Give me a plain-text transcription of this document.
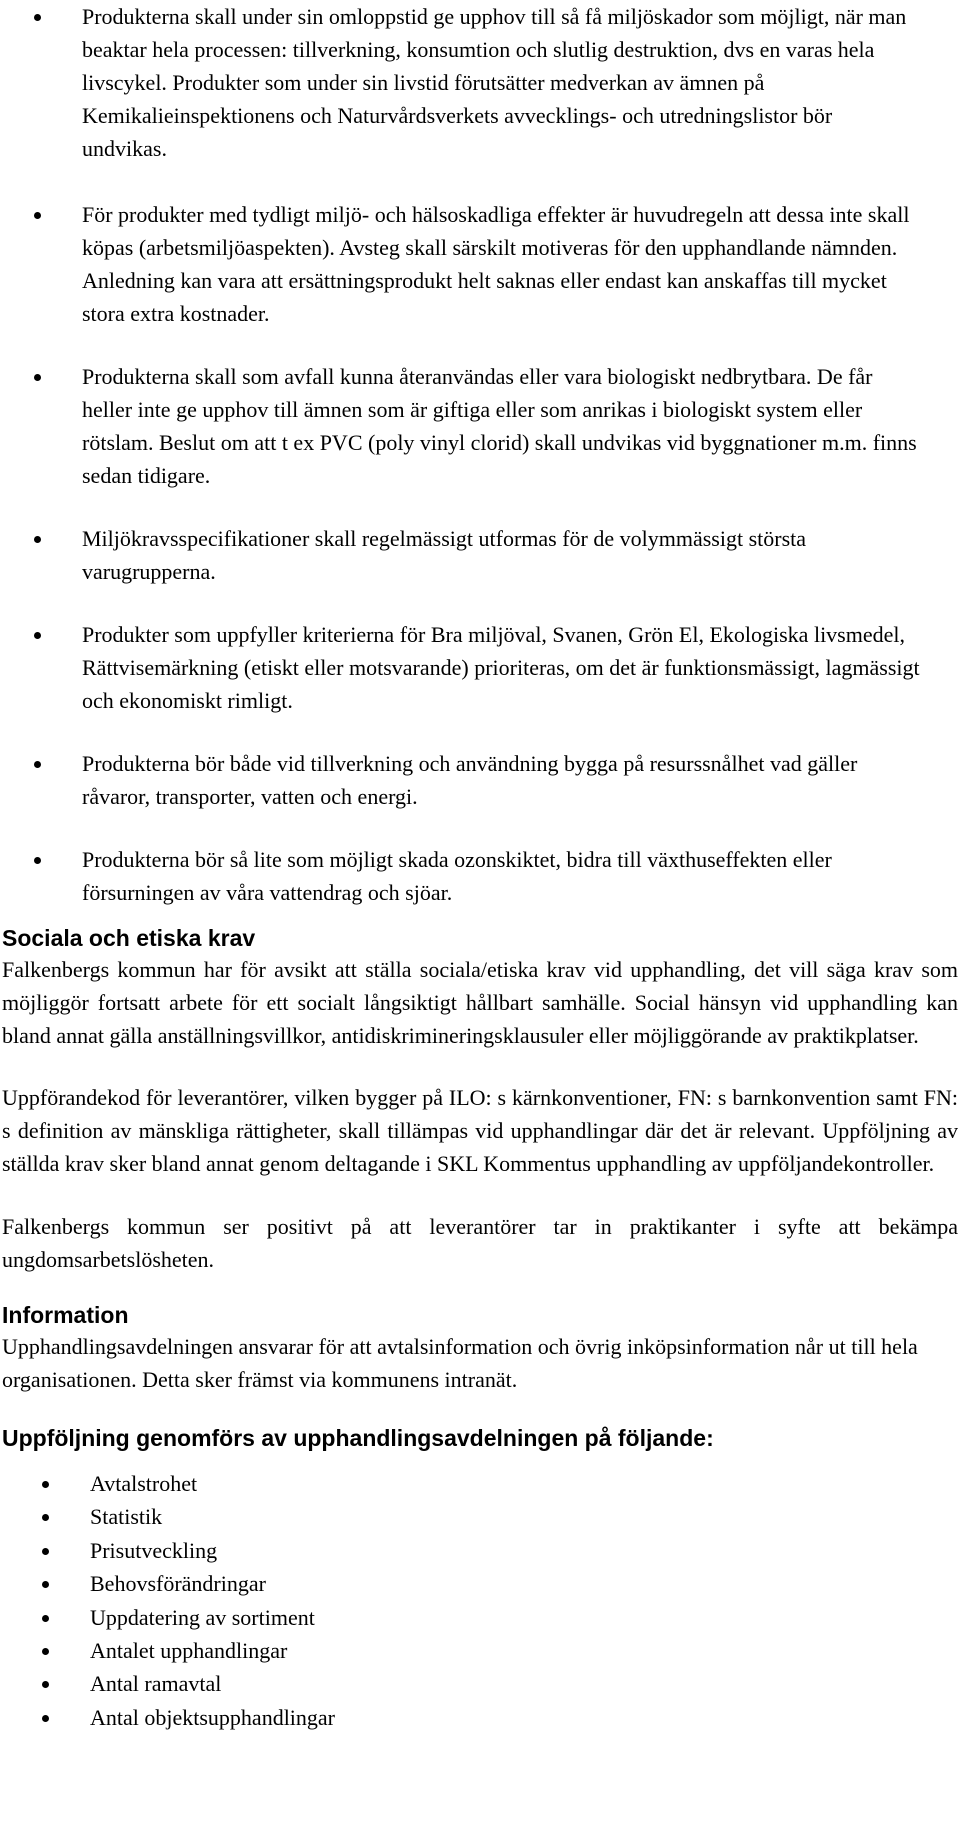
Produkterna skall under sin omloppstid ge upphov till så få miljöskador som möjligt, när man beaktar hela processen: tillverkning, konsumtion och slutlig destruktion, dvs en varas hela livscykel. Produkter som under sin livstid förutsätter medverkan av ämnen på Kemikalieinspektionens och Naturvårdsverkets avvecklings- och utredningslistor bör undvikas.
För produkter med tydligt miljö- och hälsoskadliga effekter är huvudregeln att dessa inte skall köpas (arbetsmiljöaspekten). Avsteg skall särskilt motiveras för den upphandlande nämnden. Anledning kan vara att ersättningsprodukt helt saknas eller endast kan anskaffas till mycket stora extra kostnader.
Produkterna skall som avfall kunna återanvändas eller vara biologiskt nedbrytbara. De får heller inte ge upphov till ämnen som är giftiga eller som anrikas i biologiskt system eller rötslam. Beslut om att t ex PVC (poly vinyl clorid) skall undvikas vid byggnationer m.m. finns sedan tidigare.
Miljökravsspecifikationer skall regelmässigt utformas för de volymmässigt största varugrupperna.
Produkter som uppfyller kriterierna för Bra miljöval, Svanen, Grön El, Ekologiska livsmedel, Rättvisemärkning (etiskt eller motsvarande) prioriteras, om det är funktionsmässigt, lagmässigt och ekonomiskt rimligt.
Produkterna bör både vid tillverkning och användning bygga på resurssnålhet vad gäller råvaror, transporter, vatten och energi.
Produkterna bör så lite som möjligt skada ozonskiktet, bidra till växthuseffekten eller försurningen av våra vattendrag och sjöar.
Sociala och etiska krav

Falkenbergs kommun har för avsikt att ställa sociala/etiska krav vid upphandling, det vill säga krav som möjliggör fortsatt arbete för ett socialt långsiktigt hållbart samhälle. Social hänsyn vid upphandling kan bland annat gälla anställningsvillkor, antidiskrimineringsklausuler eller möjliggörande av praktikplatser.

Uppförandekod för leverantörer, vilken bygger på ILO: s kärnkonventioner, FN: s barnkonvention samt FN: s definition av mänskliga rättigheter, skall tillämpas vid upphandlingar där det är relevant. Uppföljning av ställda krav sker bland annat genom deltagande i SKL Kommentus upphandling av uppföljandekontroller.

Falkenbergs kommun ser positivt på att leverantörer tar in praktikanter i syfte att bekämpa ungdomsarbetslösheten.

Information

Upphandlingsavdelningen ansvarar för att avtalsinformation och övrig inköpsinformation når ut till hela organisationen. Detta sker främst via kommunens intranät.

Uppföljning genomförs av upphandlingsavdelningen på följande:
Avtalstrohet
Statistik
Prisutveckling
Behovsförändringar
Uppdatering av sortiment
Antalet upphandlingar
Antal ramavtal
Antal objektsupphandlingar
